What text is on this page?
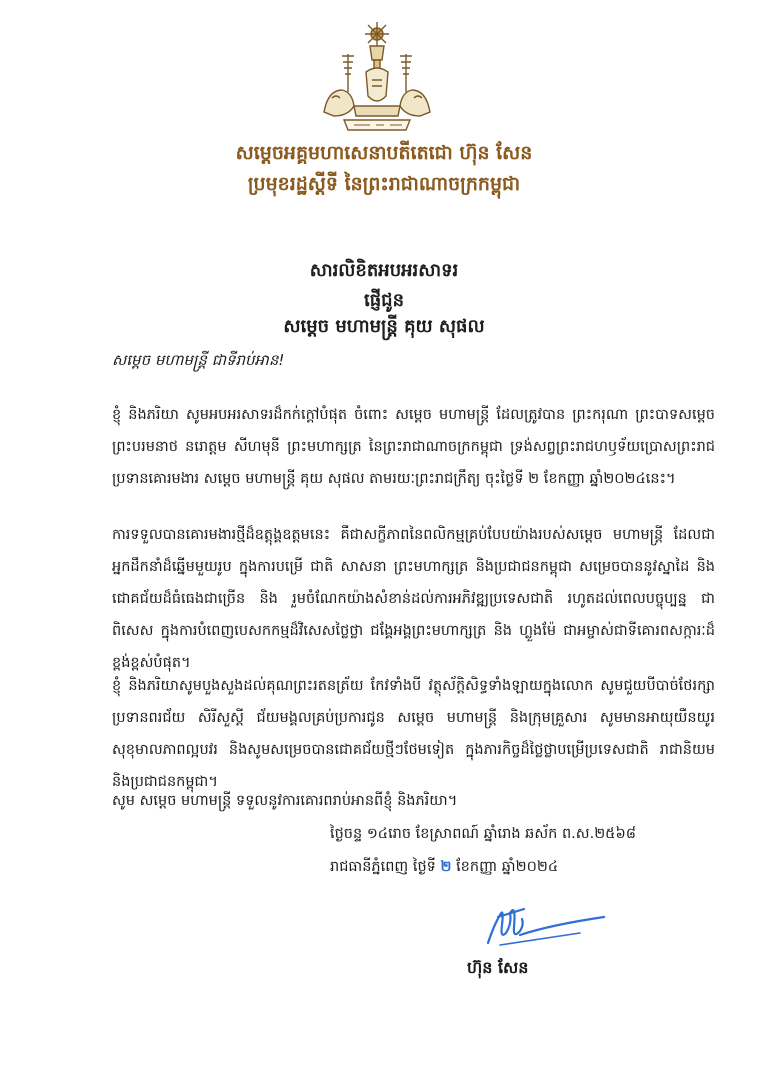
សម្ដេចអគ្គមហាសេនាបតីតេជោ ហ៊ុន សែន
ប្រមុខរដ្ឋស្ដីទី នៃព្រះរាជាណាចក្រកម្ពុជា
សារលិខិតអបអរសាទរ
ផ្ញើជូន
សម្ដេច មហាមន្ត្រី គុយ សុផល
សម្ដេច មហាមន្ត្រី ជាទីរាប់អាន!
ខ្ញុំ និងភរិយា សូមអបអរសាទរដ៏កក់ក្ដៅបំផុត ចំពោះ សម្ដេច មហាមន្ត្រី ដែលត្រូវបាន ព្រះករុណា ព្រះបាទសម្ដេចព្រះបរមនាថ នរោត្តម សីហមុនី ព្រះមហាក្សត្រ នៃព្រះរាជាណាចក្រកម្ពុជា ទ្រង់សព្វព្រះរាជហឫទ័យប្រោសព្រះរាជប្រទានគោរមងារ សម្ដេច មហាមន្ត្រី គុយ សុផល តាមរយៈព្រះរាជក្រឹត្យ ចុះថ្ងៃទី ២ ខែកញ្ញា ឆ្នាំ២០២៤នេះ។
ការទទួលបានគោរមងារថ្មីដ៏ឧត្ដុង្គឧត្ដមនេះ គឺជាសក្ខីភាពនៃពលិកម្មគ្រប់បែបយ៉ាងរបស់សម្ដេច មហាមន្ត្រី ដែលជាអ្នកដឹកនាំដ៏ឆ្នើមមួយរូប ក្នុងការបម្រើ ជាតិ សាសនា ព្រះមហាក្សត្រ និងប្រជាជនកម្ពុជា សម្រេចបាននូវស្នាដៃ និងជោគជ័យដ៏ធំធេងជាច្រើន និង រួមចំណែកយ៉ាងសំខាន់ដល់ការអភិវឌ្ឍប្រទេសជាតិ រហូតដល់ពេលបច្ចុប្បន្ន ជាពិសេស ក្នុងការបំពេញបេសកកម្មដ៏វិសេសថ្លៃថ្លា ជង្គែអង្គព្រះមហាក្សត្រ និង ហ្លួងម៉ែ ជាអម្ចាស់ជាទីគោរពសក្ការៈដ៏ខ្ពង់ខ្ពស់បំផុត។
ខ្ញុំ និងភរិយាសូមបួងសួងដល់គុណព្រះរតនត្រ័យ កែវទាំងបី វត្ថុស័ក្ដិសិទ្ធទាំងឡាយក្នុងលោក សូមជួយបីបាច់ថែរក្សាប្រទានពរជ័យ សិរីសួស្ដី ជ័យមង្គលគ្រប់ប្រការជូន សម្ដេច មហាមន្ត្រី និងក្រុមគ្រួសារ សូមមានអាយុយឺនយូរ សុខុមាលភាពល្អបវរ និងសូមសម្រេចបានជោគជ័យថ្មីៗថែមទៀត ក្នុងភារកិច្ចដ៏ថ្លៃថ្លាបម្រើប្រទេសជាតិ រាជានិយម និងប្រជាជនកម្ពុជា។
សូម សម្ដេច មហាមន្ត្រី ទទួលនូវការគោរពរាប់អានពីខ្ញុំ និងភរិយា។
ថ្ងៃចន្ទ ១៤រោច ខែស្រាពណ៍ ឆ្នាំរោង ឆស័ក ព.ស.២៥៦៨
រាជធានីភ្នំពេញ ថ្ងៃទី ២ ខែកញ្ញា ឆ្នាំ២០២៤
ហ៊ុន សែន
